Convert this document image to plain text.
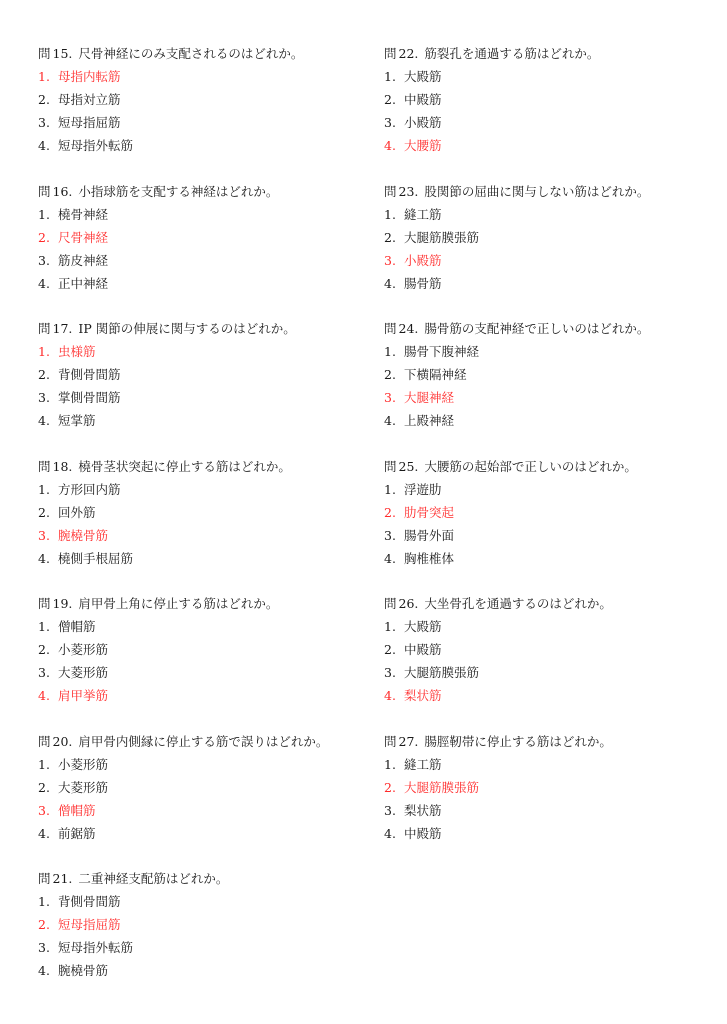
問 15. 尺骨神経にのみ支配されるのはどれか。
1. 母指内転筋
2. 母指対立筋
3. 短母指屈筋
4. 短母指外転筋
問 16. 小指球筋を支配する神経はどれか。
1. 橈骨神経
2. 尺骨神経
3. 筋皮神経
4. 正中神経
問 17. IP 関節の伸展に関与するのはどれか。
1. 虫様筋
2. 背側骨間筋
3. 掌側骨間筋
4. 短掌筋
問 18. 橈骨茎状突起に停止する筋はどれか。
1. 方形回内筋
2. 回外筋
3. 腕橈骨筋
4. 橈側手根屈筋
問 19. 肩甲骨上角に停止する筋はどれか。
1. 僧帽筋
2. 小菱形筋
3. 大菱形筋
4. 肩甲挙筋
問 20. 肩甲骨内側縁に停止する筋で誤りはどれか。
1. 小菱形筋
2. 大菱形筋
3. 僧帽筋
4. 前鋸筋
問 21. 二重神経支配筋はどれか。
1. 背側骨間筋
2. 短母指屈筋
3. 短母指外転筋
4. 腕橈骨筋
問 22. 筋裂孔を通過する筋はどれか。
1. 大殿筋
2. 中殿筋
3. 小殿筋
4. 大腰筋
問 23. 股関節の屈曲に関与しない筋はどれか。
1. 縫工筋
2. 大腿筋膜張筋
3. 小殿筋
4. 腸骨筋
問 24. 腸骨筋の支配神経で正しいのはどれか。
1. 腸骨下腹神経
2. 下横隔神経
3. 大腿神経
4. 上殿神経
問 25. 大腰筋の起始部で正しいのはどれか。
1. 浮遊肋
2. 肋骨突起
3. 腸骨外面
4. 胸椎椎体
問 26. 大坐骨孔を通過するのはどれか。
1. 大殿筋
2. 中殿筋
3. 大腿筋膜張筋
4. 梨状筋
問 27. 腸脛靭帯に停止する筋はどれか。
1. 縫工筋
2. 大腿筋膜張筋
3. 梨状筋
4. 中殿筋
